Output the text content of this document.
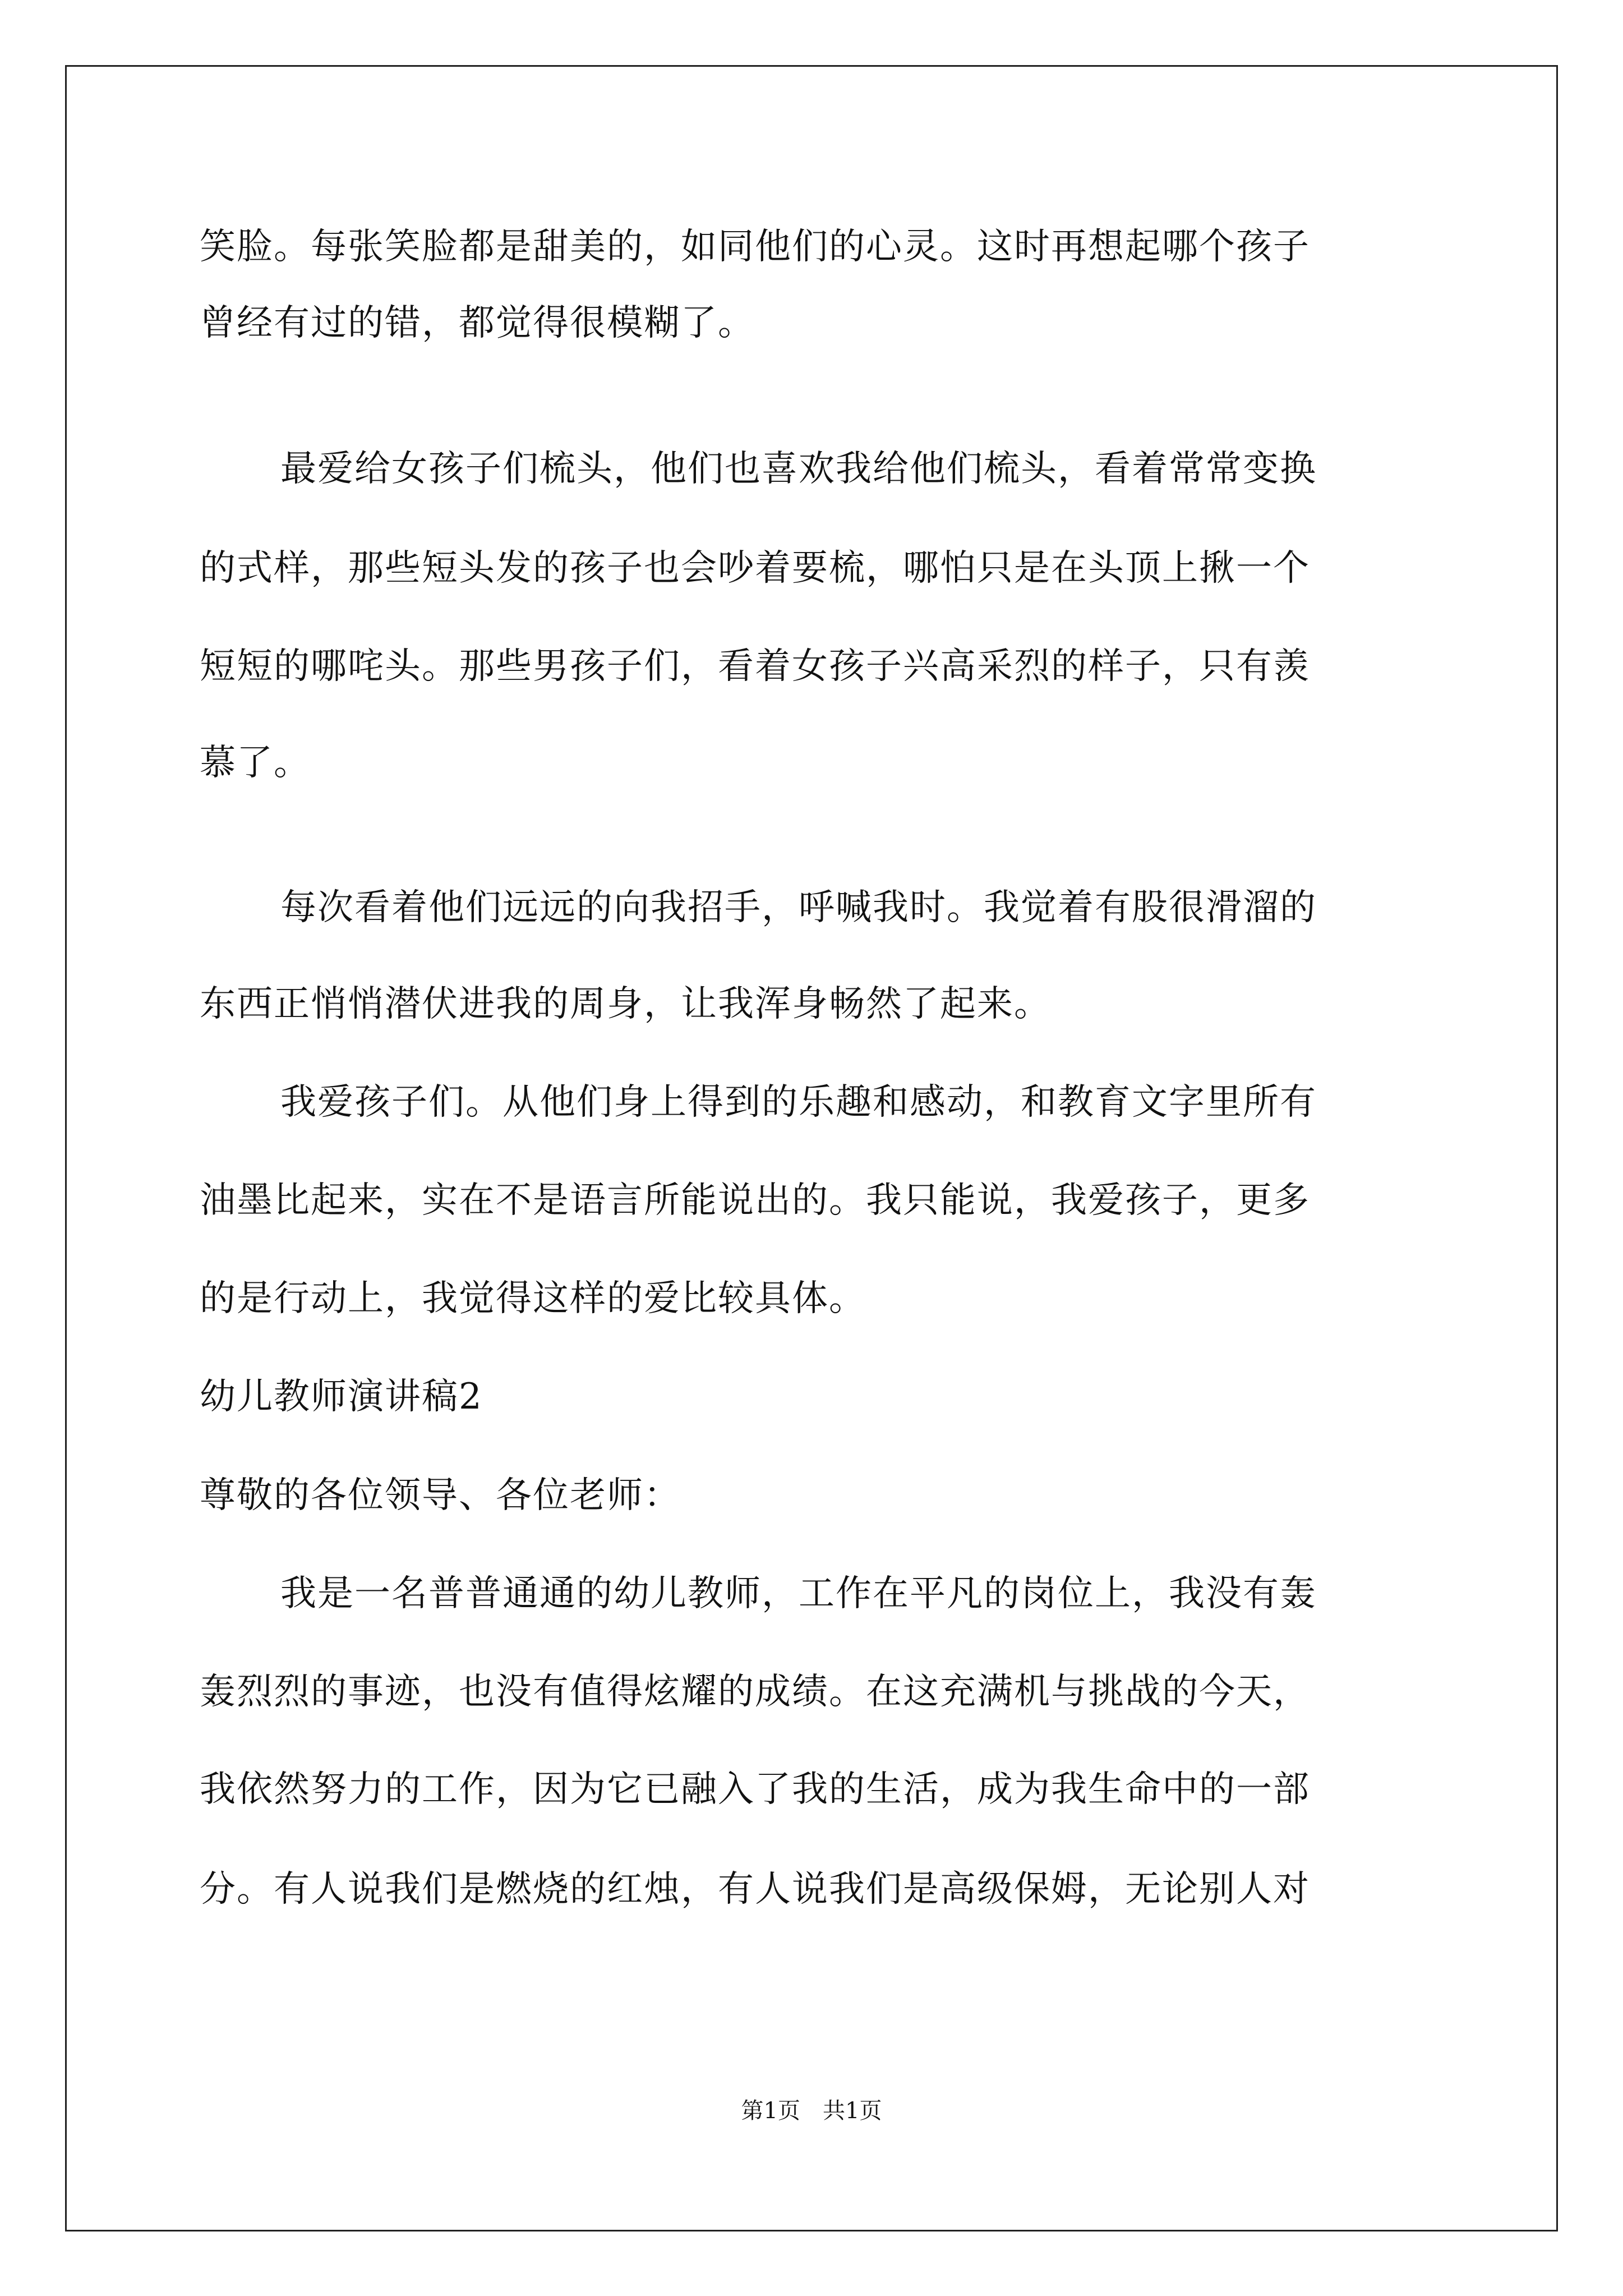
笑脸。每张笑脸都是甜美的，如同他们的心灵。这时再想起哪个孩子
曾经有过的错，都觉得很模糊了。
最爱给女孩子们梳头，他们也喜欢我给他们梳头，看着常常变换
的式样，那些短头发的孩子也会吵着要梳，哪怕只是在头顶上揪一个
短短的哪咤头。那些男孩子们，看着女孩子兴高采烈的样子，只有羡
慕了。
每次看着他们远远的向我招手，呼喊我时。我觉着有股很滑溜的
东西正悄悄潜伏进我的周身，让我浑身畅然了起来。
我爱孩子们。从他们身上得到的乐趣和感动，和教育文字里所有
油墨比起来，实在不是语言所能说出的。我只能说，我爱孩子，更多
的是行动上，我觉得这样的爱比较具体。
幼儿教师演讲稿2
尊敬的各位领导、各位老师：
我是一名普普通通的幼儿教师，工作在平凡的岗位上，我没有轰
轰烈烈的事迹，也没有值得炫耀的成绩。在这充满机与挑战的今天，
我依然努力的工作，因为它已融入了我的生活，成为我生命中的一部
分。有人说我们是燃烧的红烛，有人说我们是高级保姆，无论别人对
第1页　共1页
